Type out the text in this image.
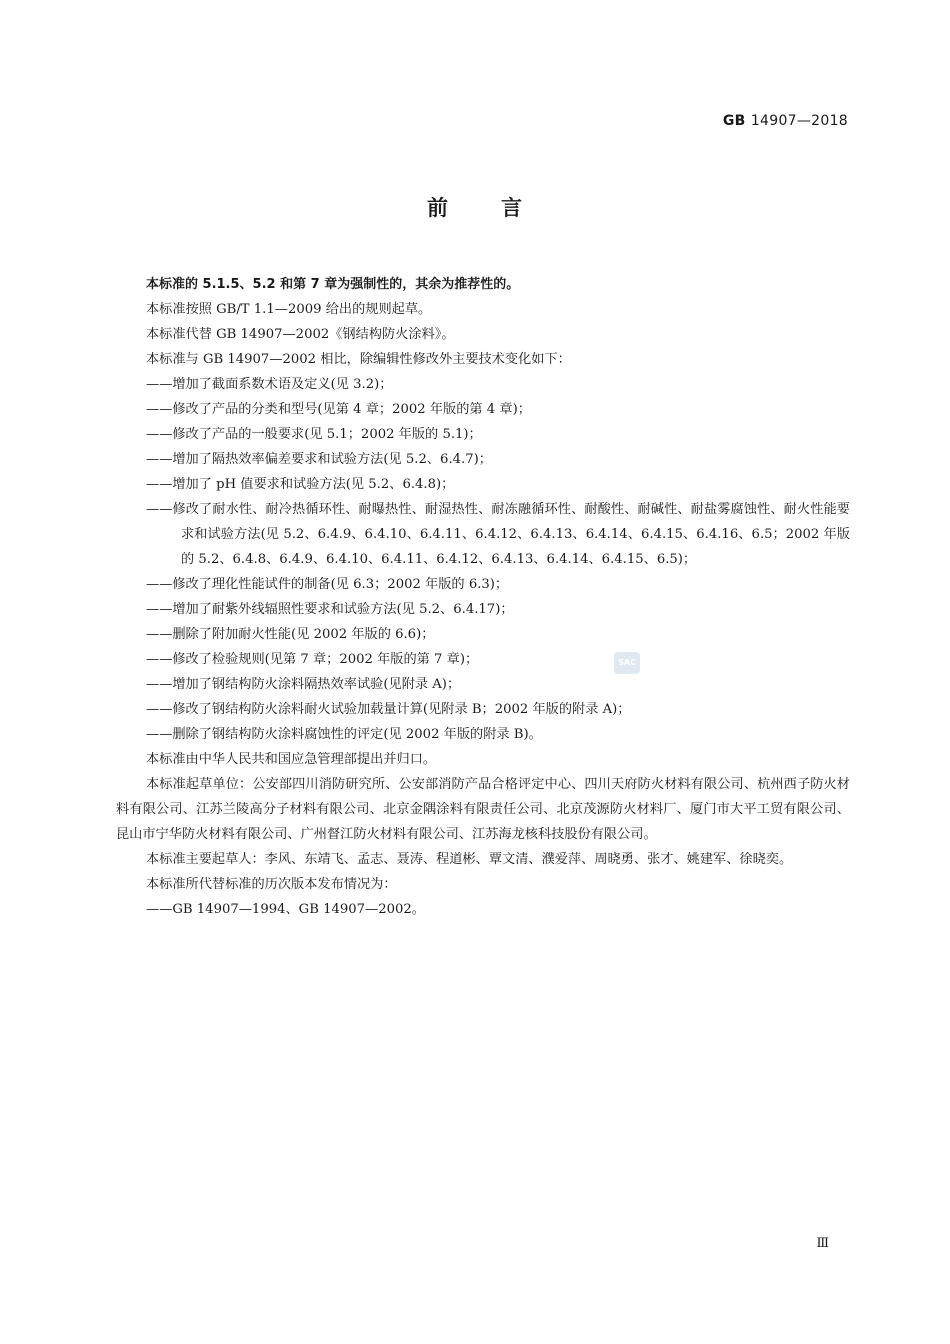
GB 14907—2018
前 言

本标准的 5.1.5、5.2 和第 7 章为强制性的，其余为推荐性的。

本标准按照 GB/T 1.1—2009 给出的规则起草。

本标准代替 GB 14907—2002《钢结构防火涂料》。

本标准与 GB 14907—2002 相比，除编辑性修改外主要技术变化如下：

——增加了截面系数术语及定义(见 3.2)；

——修改了产品的分类和型号(见第 4 章；2002 年版的第 4 章)；

——修改了产品的一般要求(见 5.1；2002 年版的 5.1)；

——增加了隔热效率偏差要求和试验方法(见 5.2、6.4.7)；

——增加了 pH 值要求和试验方法(见 5.2、6.4.8)；

——修改了耐水性、耐冷热循环性、耐曝热性、耐湿热性、耐冻融循环性、耐酸性、耐碱性、耐盐雾腐蚀性、耐火性能要求和试验方法(见 5.2、6.4.9、6.4.10、6.4.11、6.4.12、6.4.13、6.4.14、6.4.15、6.4.16、6.5；2002 年版的 5.2、6.4.8、6.4.9、6.4.10、6.4.11、6.4.12、6.4.13、6.4.14、6.4.15、6.5)；

——修改了理化性能试件的制备(见 6.3；2002 年版的 6.3)；

——增加了耐紫外线辐照性要求和试验方法(见 5.2、6.4.17)；

——删除了附加耐火性能(见 2002 年版的 6.6)；

——修改了检验规则(见第 7 章；2002 年版的第 7 章)；

——增加了钢结构防火涂料隔热效率试验(见附录 A)；

——修改了钢结构防火涂料耐火试验加载量计算(见附录 B；2002 年版的附录 A)；

——删除了钢结构防火涂料腐蚀性的评定(见 2002 年版的附录 B)。

本标准由中华人民共和国应急管理部提出并归口。

本标准起草单位：公安部四川消防研究所、公安部消防产品合格评定中心、四川天府防火材料有限公司、杭州西子防火材料有限公司、江苏兰陵高分子材料有限公司、北京金隅涂料有限责任公司、北京茂源防火材料厂、厦门市大平工贸有限公司、昆山市宁华防火材料有限公司、广州督江防火材料有限公司、江苏海龙核科技股份有限公司。

本标准主要起草人：李风、东靖飞、孟志、聂涛、程道彬、覃文清、濮爱萍、周晓勇、张才、姚建军、徐晓奕。

本标准所代替标准的历次版本发布情况为：

——GB 14907—1994、GB 14907—2002。

SAC
Ⅲ
